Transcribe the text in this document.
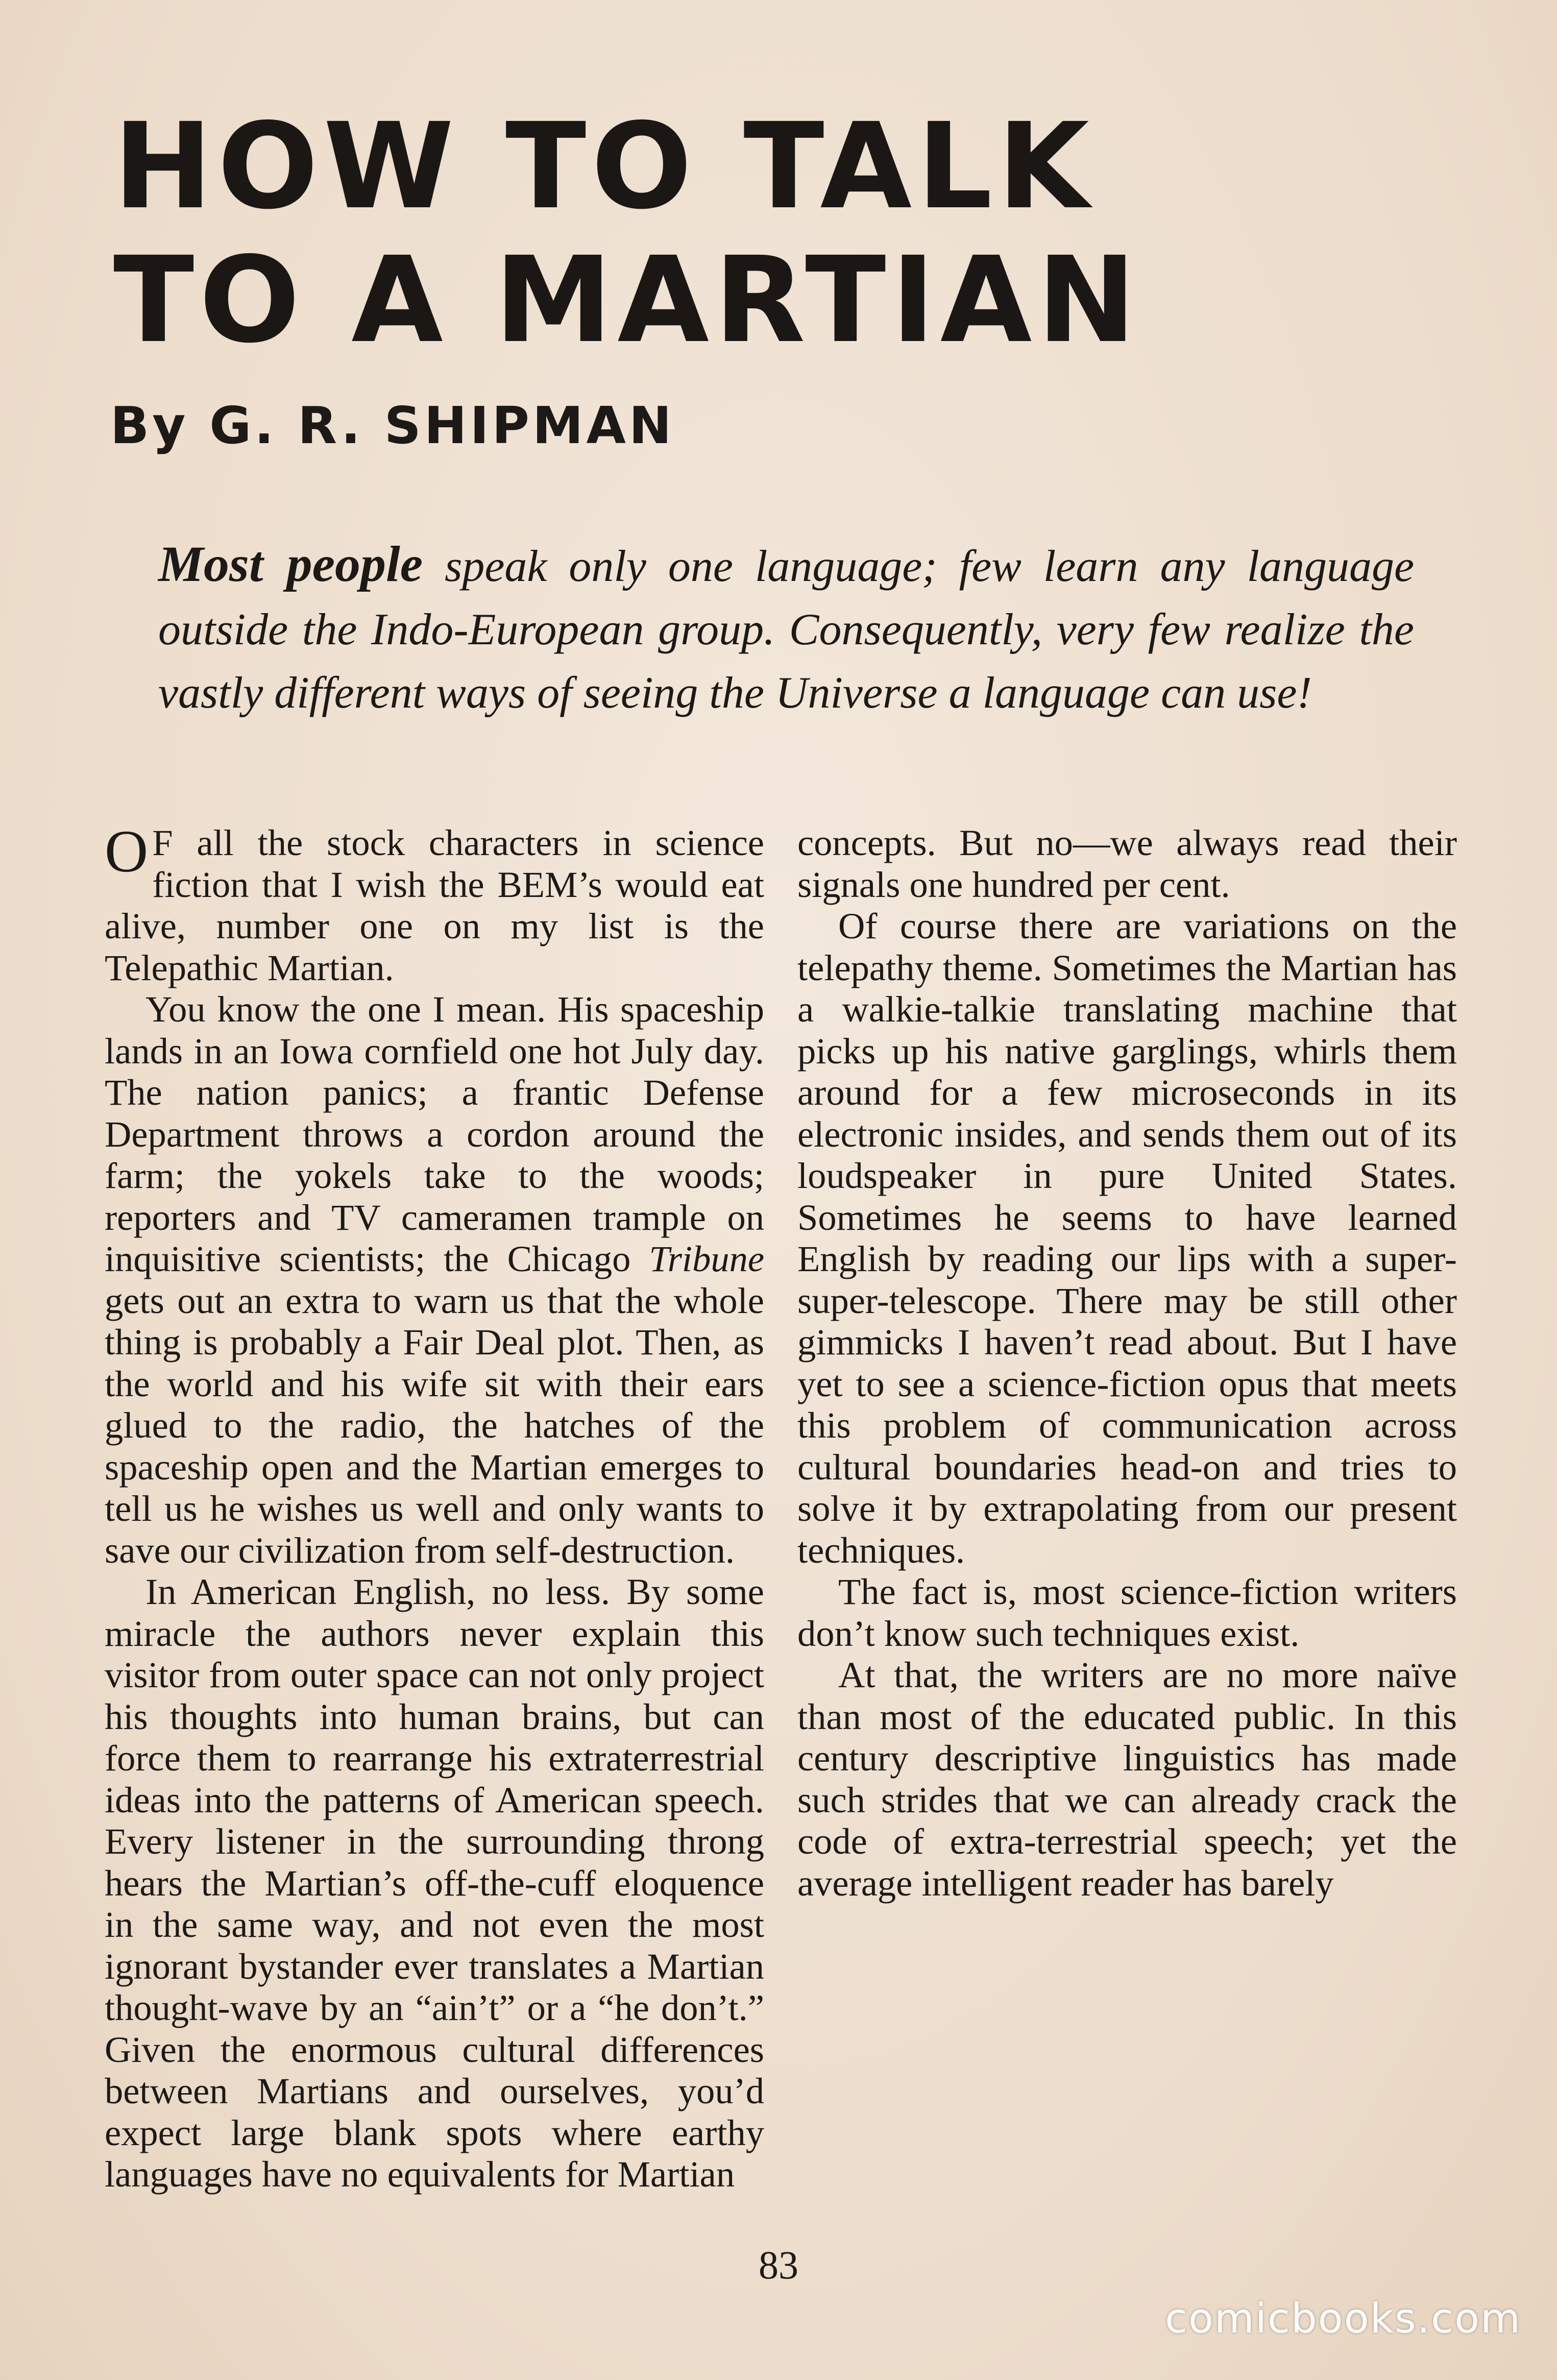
HOW TO TALK
TO A MARTIAN

By G. R. SHIPMAN

Most people speak only one language; few learn any language outside the Indo-European group. Consequently, very few realize the vastly different ways of seeing the Universe a language can use!

O F all the stock characters in science fiction that I wish the BEM’s would eat alive, number one on my list is the Telepathic Martian.

You know the one I mean. His spaceship lands in an Iowa cornfield one hot July day. The nation panics; a frantic Defense Department throws a cordon around the farm; the yokels take to the woods; reporters and TV cameramen trample on inquisitive scientists; the Chicago Tribune gets out an extra to warn us that the whole thing is probably a Fair Deal plot. Then, as the world and his wife sit with their ears glued to the radio, the hatches of the spaceship open and the Martian emerges to tell us he wishes us well and only wants to save our civilization from self-destruction.

In American English, no less. By some miracle the authors never explain this visitor from outer space can not only project his thoughts into human brains, but can force them to rearrange his extraterrestrial ideas into the patterns of American speech. Every listener in the surrounding throng hears the Martian’s off-the-cuff eloquence in the same way, and not even the most ignorant bystander ever translates a Martian thought-wave by an “ain’t” or a “he don’t.” Given the enormous cultural differences between Martians and ourselves, you’d expect large blank spots where earthy languages have no equivalents for Martian

concepts. But no—we always read their signals one hundred per cent.

Of course there are variations on the telepathy theme. Sometimes the Martian has a walkie-talkie translating machine that picks up his native garglings, whirls them around for a few microseconds in its electronic insides, and sends them out of its loudspeaker in pure United States. Sometimes he seems to have learned English by reading our lips with a super-super-telescope. There may be still other gimmicks I haven’t read about. But I have yet to see a science-fiction opus that meets this problem of communication across cultural boundaries head-on and tries to solve it by extrapolating from our present techniques.

The fact is, most science-fiction writers don’t know such techniques exist.

At that, the writers are no more naïve than most of the educated public. In this century descriptive linguistics has made such strides that we can already crack the code of extra-terrestrial speech; yet the average intelligent reader has barely

83

comicbooks.com
